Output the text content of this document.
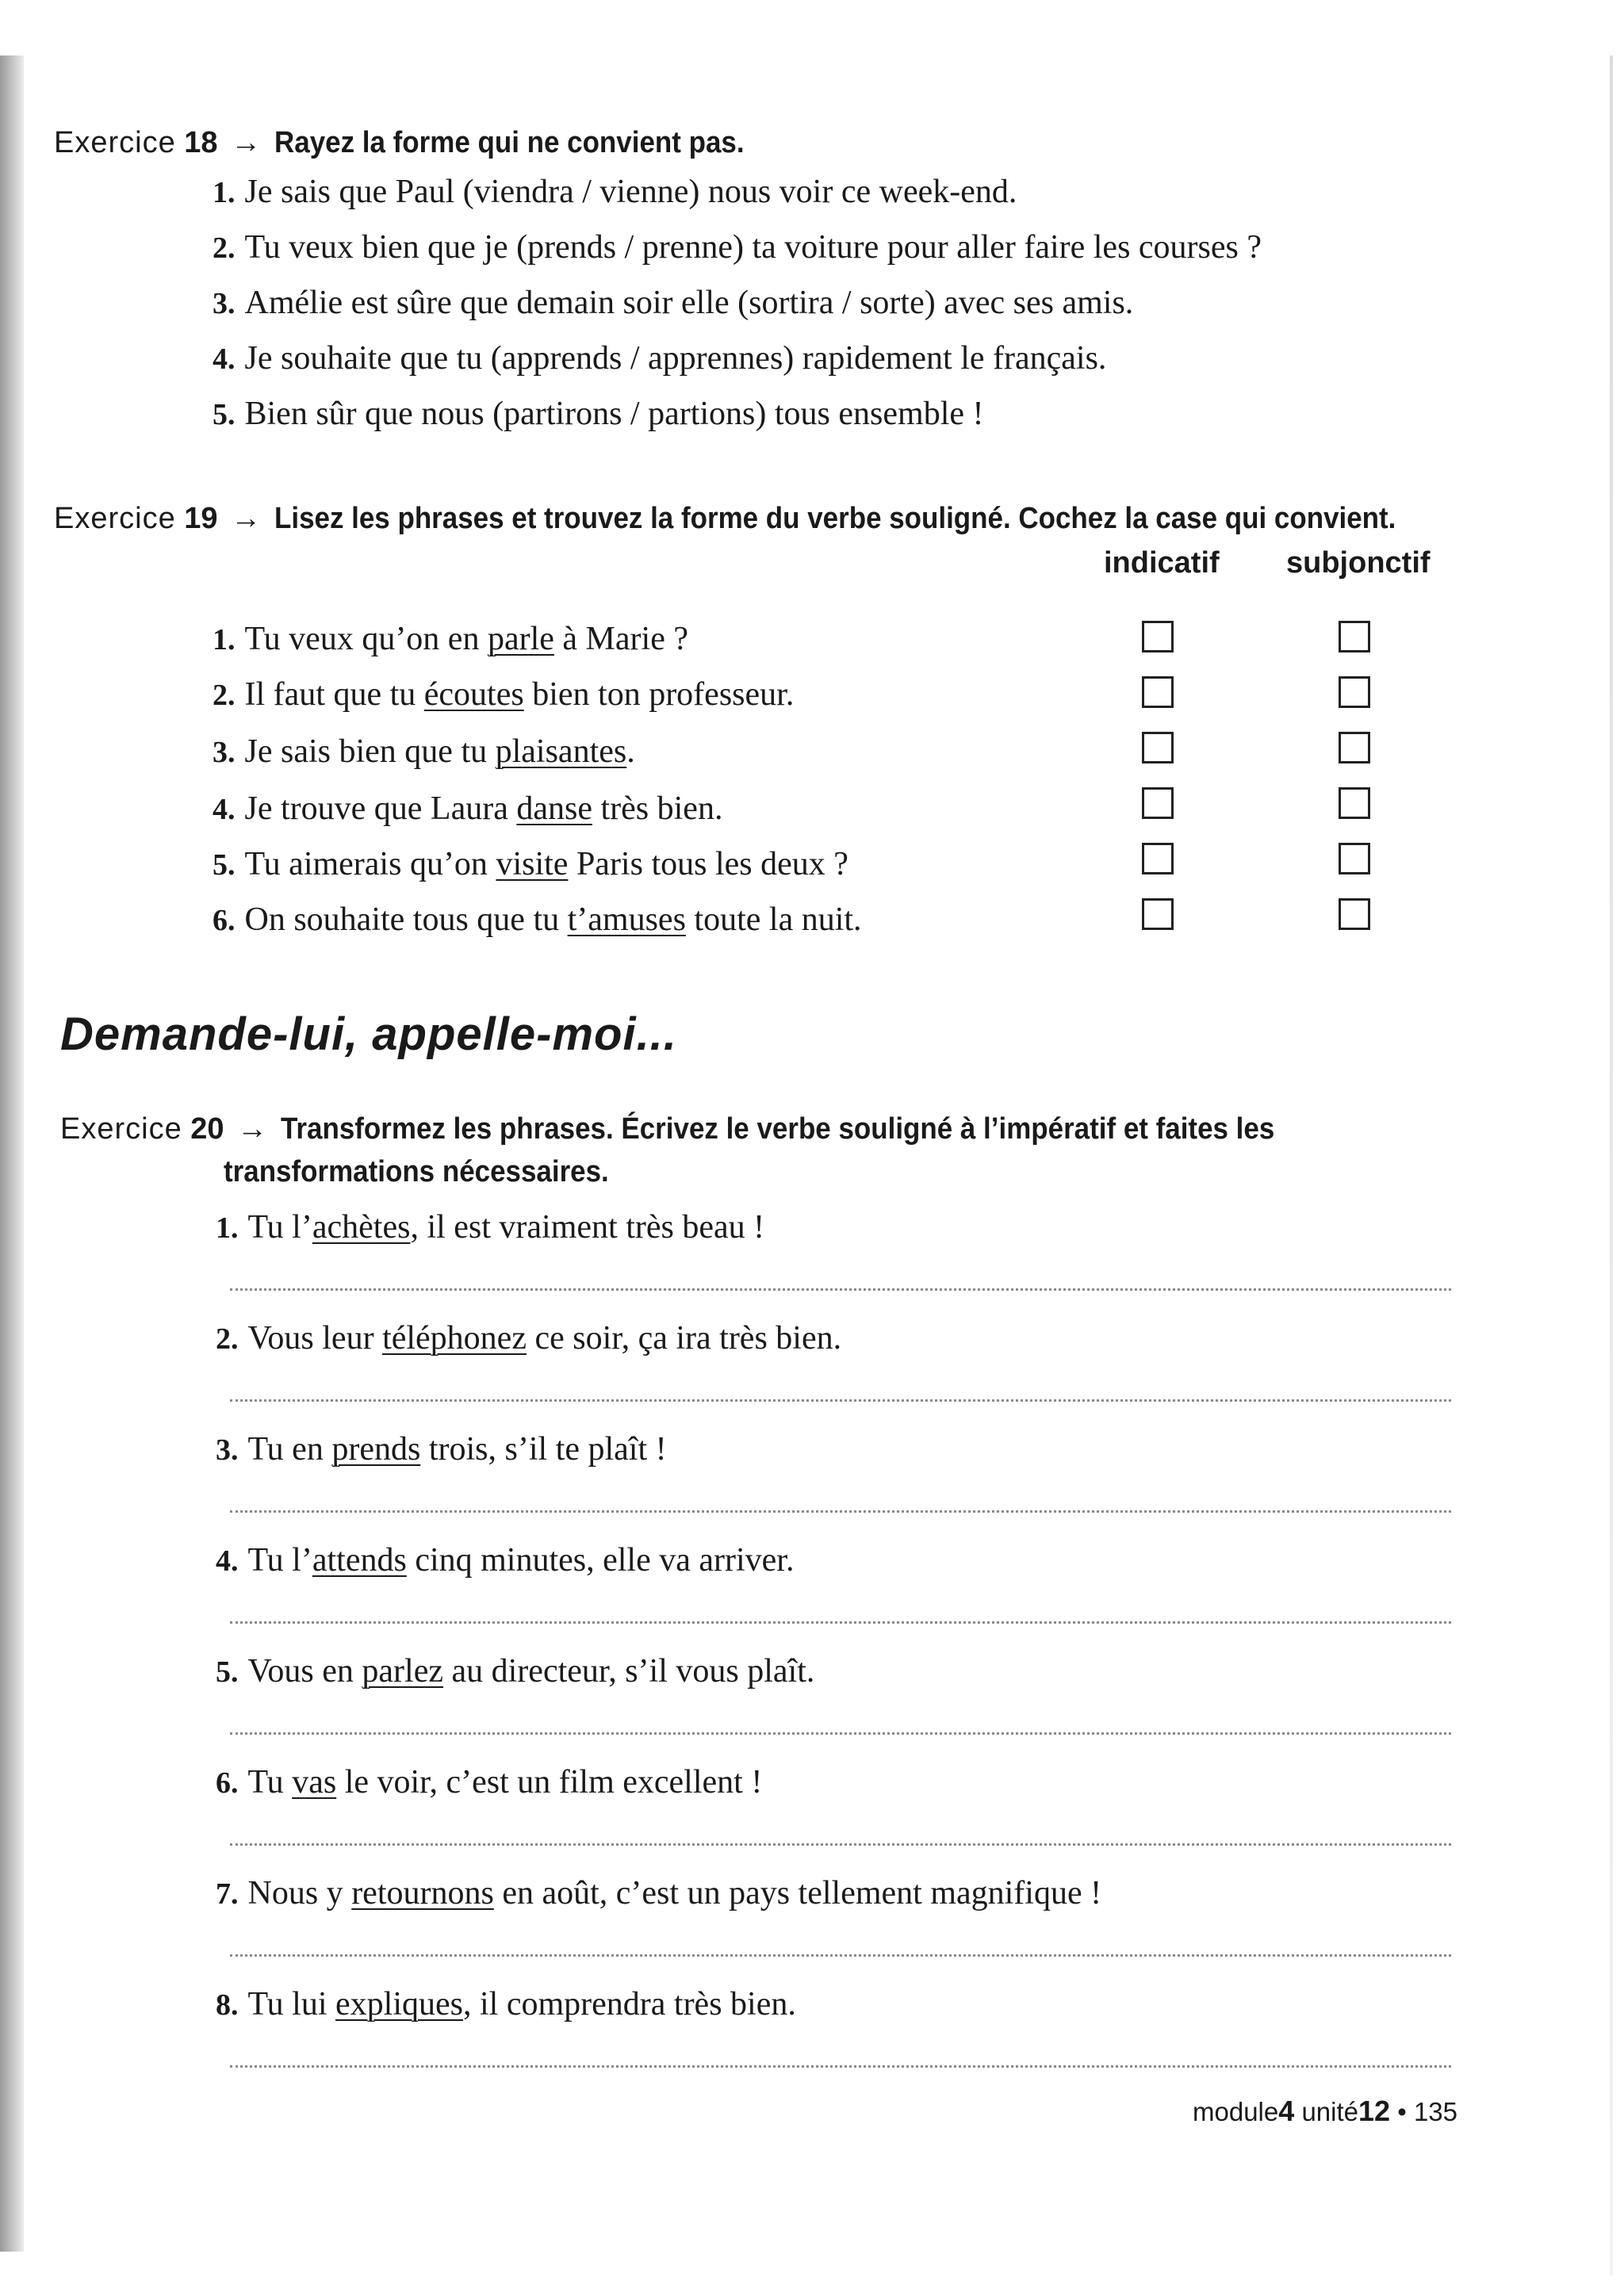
Exercice 18 → Rayez la forme qui ne convient pas.
1. Je sais que Paul (viendra / vienne) nous voir ce week-end.
2. Tu veux bien que je (prends / prenne) ta voiture pour aller faire les courses ?
3. Amélie est sûre que demain soir elle (sortira / sorte) avec ses amis.
4. Je souhaite que tu (apprends / apprennes) rapidement le français.
5. Bien sûr que nous (partirons / partions) tous ensemble !
Exercice 19 → Lisez les phrases et trouvez la forme du verbe souligné. Cochez la case qui convient.
indicatif subjonctif
1. Tu veux qu’on en parle à Marie ?
2. Il faut que tu écoutes bien ton professeur.
3. Je sais bien que tu plaisantes.
4. Je trouve que Laura danse très bien.
5. Tu aimerais qu’on visite Paris tous les deux ?
6. On souhaite tous que tu t’amuses toute la nuit.
Demande-lui, appelle-moi...
Exercice 20 → Transformez les phrases. Écrivez le verbe souligné à l’impératif et faites les
transformations nécessaires.
1. Tu l’achètes, il est vraiment très beau !
2. Vous leur téléphonez ce soir, ça ira très bien.
3. Tu en prends trois, s’il te plaît !
4. Tu l’attends cinq minutes, elle va arriver.
5. Vous en parlez au directeur, s’il vous plaît.
6. Tu vas le voir, c’est un film excellent !
7. Nous y retournons en août, c’est un pays tellement magnifique !
8. Tu lui expliques, il comprendra très bien.
module4 unité12 • 135
